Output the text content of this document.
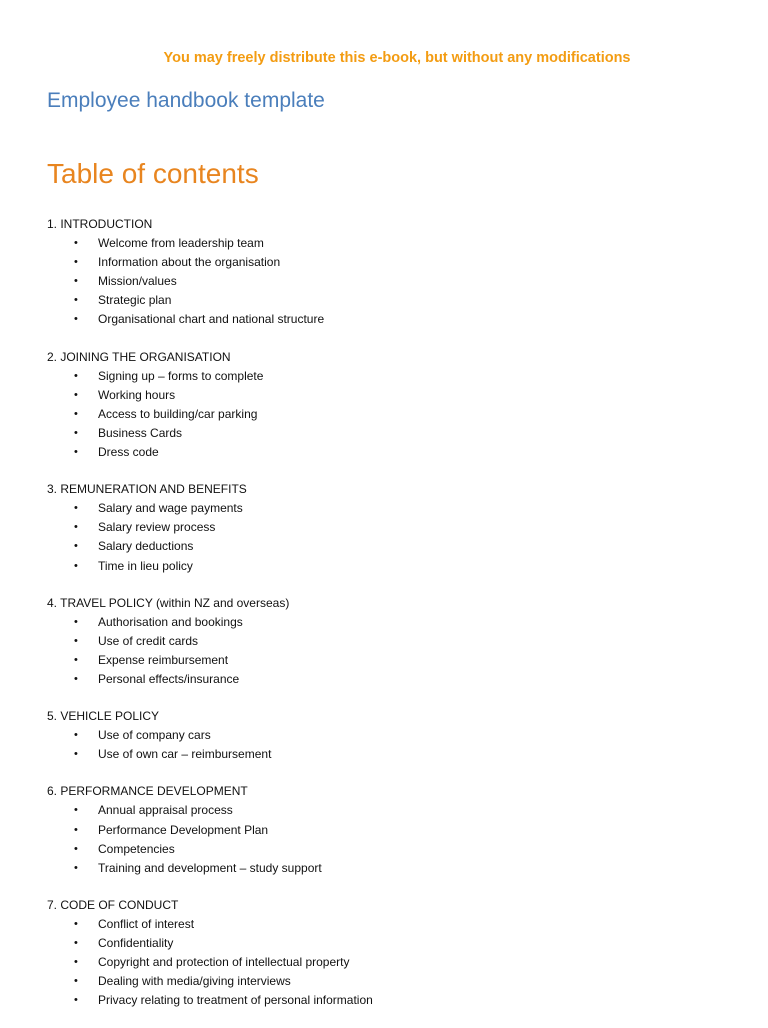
You may freely distribute this e-book, but without any modifications

Employee handbook template
Table of contents

1. INTRODUCTION

• Welcome from leadership team
• Information about the organisation
• Mission/values
• Strategic plan
• Organisational chart and national structure

2. JOINING THE ORGANISATION

• Signing up – forms to complete
• Working hours
• Access to building/car parking
• Business Cards
• Dress code

3. REMUNERATION AND BENEFITS

• Salary and wage payments
• Salary review process
• Salary deductions
• Time in lieu policy

4. TRAVEL POLICY (within NZ and overseas)

• Authorisation and bookings
• Use of credit cards
• Expense reimbursement
• Personal effects/insurance

5. VEHICLE POLICY

• Use of company cars
• Use of own car – reimbursement

6. PERFORMANCE DEVELOPMENT

• Annual appraisal process
• Performance Development Plan
• Competencies
• Training and development – study support

7. CODE OF CONDUCT

• Conflict of interest
• Confidentiality
• Copyright and protection of intellectual property
• Dealing with media/giving interviews
• Privacy relating to treatment of personal information
